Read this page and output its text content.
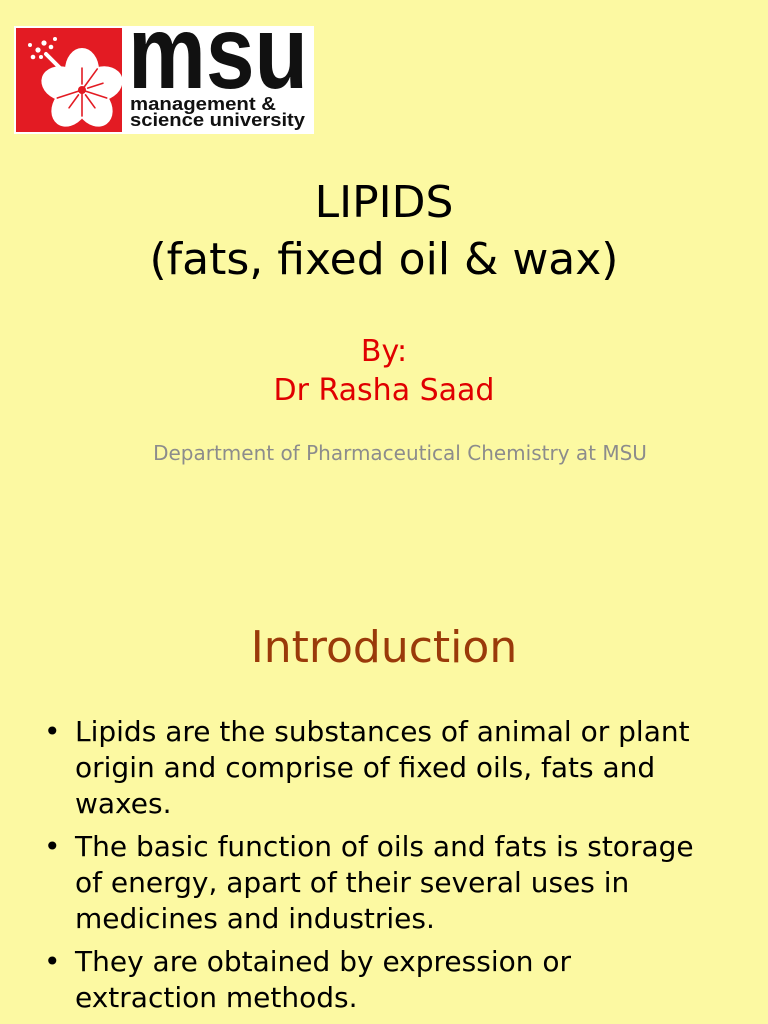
msu
management &
science university
LIPIDS
(fats, fixed oil & wax)
By:
Dr Rasha Saad
Department of Pharmaceutical Chemistry at MSU
Introduction
•
Lipids are the substances of animal or plant
origin and comprise of fixed oils, fats and
waxes.
•
The basic function of oils and fats is storage
of energy, apart of their several uses in
medicines and industries.
•
They are obtained by expression or
extraction methods.
